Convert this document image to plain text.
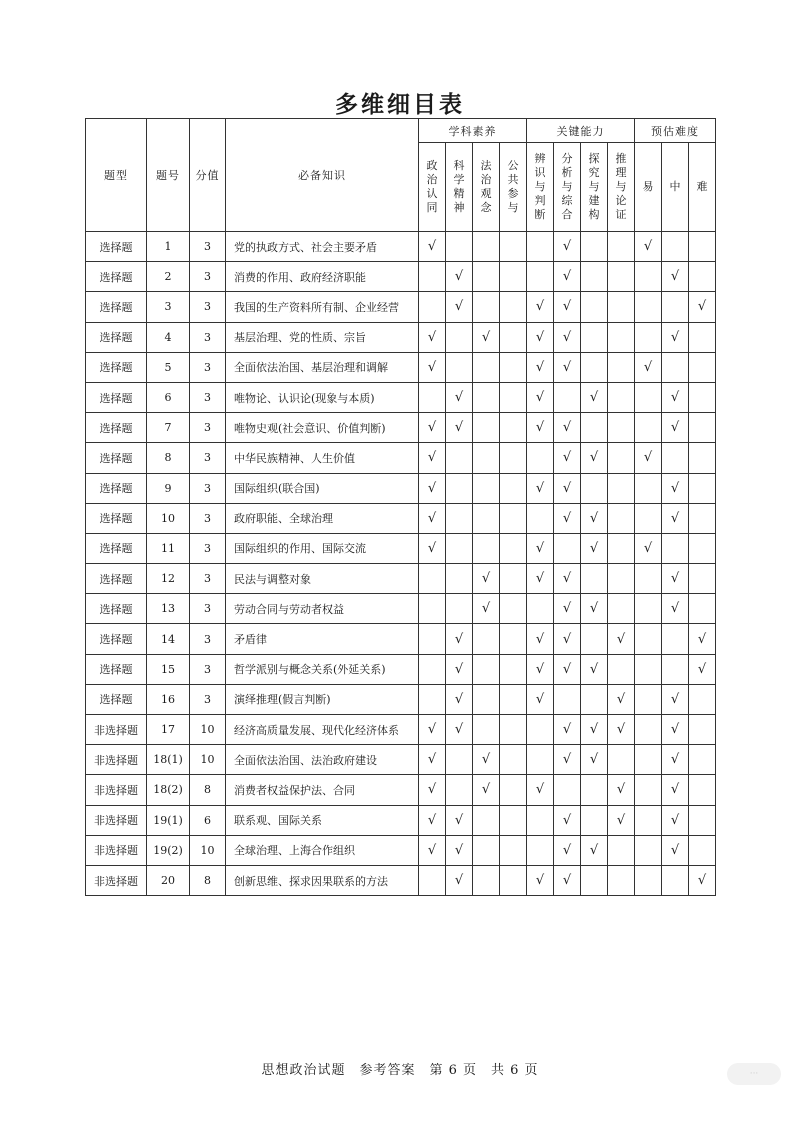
多维细目表
题型	题号	分值	必备知识	学科素养				关键能力				预估难度		
				政治认同	科学精神	法治观念	公共参与	辨识与判断	分析与综合	探究与建构	推理与论证	易	中	难
选择题	1	3	党的执政方式、社会主要矛盾	√					√			√		
选择题	2	3	消费的作用、政府经济职能		√				√				√	
选择题	3	3	我国的生产资料所有制、企业经营		√			√	√					√
选择题	4	3	基层治理、党的性质、宗旨	√		√		√	√				√	
选择题	5	3	全面依法治国、基层治理和调解	√				√	√			√		
选择题	6	3	唯物论、认识论(现象与本质)		√			√		√			√	
选择题	7	3	唯物史观(社会意识、价值判断)	√	√			√	√				√	
选择题	8	3	中华民族精神、人生价值	√					√	√		√		
选择题	9	3	国际组织(联合国)	√				√	√				√	
选择题	10	3	政府职能、全球治理	√					√	√			√	
选择题	11	3	国际组织的作用、国际交流	√				√		√		√		
选择题	12	3	民法与调整对象			√		√	√				√	
选择题	13	3	劳动合同与劳动者权益			√			√	√			√	
选择题	14	3	矛盾律		√			√	√		√			√
选择题	15	3	哲学派别与概念关系(外延关系)		√			√	√	√				√
选择题	16	3	演绎推理(假言判断)		√			√			√		√	
非选择题	17	10	经济高质量发展、现代化经济体系	√	√				√	√	√		√	
非选择题	18(1)	10	全面依法治国、法治政府建设	√		√			√	√			√	
非选择题	18(2)	8	消费者权益保护法、合同	√		√		√			√		√	
非选择题	19(1)	6	联系观、国际关系	√	√				√		√		√	
非选择题	19(2)	10	全球治理、上海合作组织	√	√				√	√			√	
非选择题	20	8	创新思维、探求因果联系的方法		√			√	√					√
思想政治试题　参考答案　第 6 页　共 6 页	···
